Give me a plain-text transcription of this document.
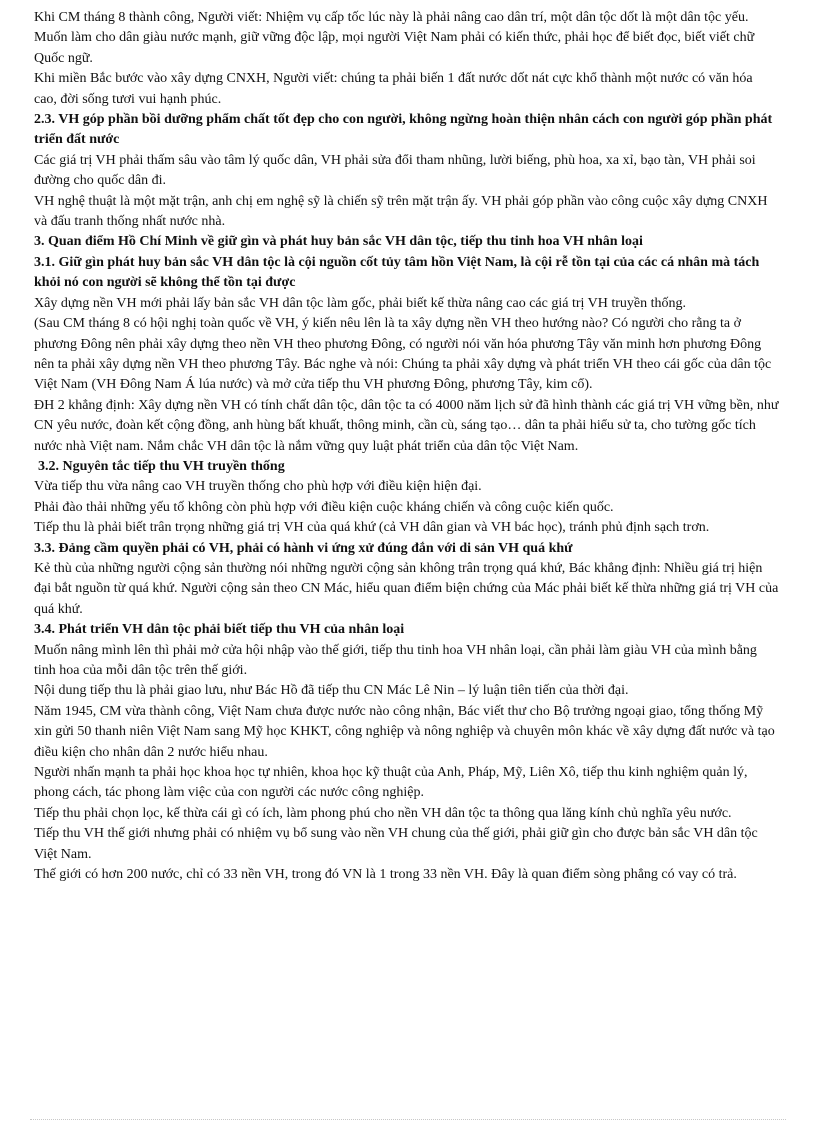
Khi CM tháng 8 thành công, Người viết: Nhiệm vụ cấp tốc lúc này là phải nâng cao dân trí, một dân tộc dốt là một dân tộc yếu.

Muốn làm cho dân giàu nước mạnh, giữ vững độc lập, mọi người Việt Nam phải có kiến thức, phải học để biết đọc, biết viết chữ Quốc ngữ.

Khi miền Bắc bước vào xây dựng CNXH, Người viết: chúng ta phải biến 1 đất nước dốt nát cực khổ thành một nước có văn hóa cao, đời sống tươi vui hạnh phúc.

2.3. VH góp phần bồi dưỡng phẩm chất tốt đẹp cho con người, không ngừng hoàn thiện nhân cách con người góp phần phát triển đất nước

Các giá trị VH phải thấm sâu vào tâm lý quốc dân, VH phải sửa đổi tham nhũng, lười biếng, phù hoa, xa xỉ, bạo tàn, VH phải soi đường cho quốc dân đi.

VH nghệ thuật là một mặt trận, anh chị em nghệ sỹ là chiến sỹ trên mặt trận ấy. VH phải góp phần vào công cuộc xây dựng CNXH và đấu tranh thống nhất nước nhà.

3. Quan điểm Hồ Chí Minh về giữ gìn và phát huy bản sắc VH dân tộc, tiếp thu tinh hoa VH nhân loại

3.1. Giữ gìn phát huy bản sắc VH dân tộc là cội nguồn cốt tủy tâm hồn Việt Nam, là cội rễ tồn tại của các cá nhân mà tách khỏi nó con người sẽ không thể tồn tại được

Xây dựng nền VH mới phải lấy bản sắc VH dân tộc làm gốc, phải biết kế thừa nâng cao các giá trị VH truyền thống.

(Sau CM tháng 8 có hội nghị toàn quốc về VH, ý kiến nêu lên là ta xây dựng nền VH theo hướng nào? Có người cho rằng ta ở phương Đông nên phải xây dựng theo nền VH theo phương Đông, có người nói văn hóa phương Tây văn minh hơn phương Đông nên ta phải xây dựng nền VH theo phương Tây. Bác nghe và nói: Chúng ta phải xây dựng và phát triển VH theo cái gốc của dân tộc Việt Nam (VH Đông Nam Á lúa nước) và mở cửa tiếp thu VH phương Đông, phương Tây, kim cổ).

ĐH 2 khẳng định: Xây dựng nền VH có tính chất dân tộc, dân tộc ta có 4000 năm lịch sử đã hình thành các giá trị VH vững bền, như CN yêu nước, đoàn kết cộng đồng, anh hùng bất khuất, thông minh, cần cù, sáng tạo… dân ta phải hiểu sử ta, cho tường gốc tích nước nhà Việt nam. Nắm chắc VH dân tộc là nắm vững quy luật phát triển của dân tộc Việt Nam.

3.2. Nguyên tắc tiếp thu VH truyền thống

Vừa tiếp thu vừa nâng cao VH truyền thống cho phù hợp với điều kiện hiện đại.

Phải đào thải những yếu tố không còn phù hợp với điều kiện cuộc kháng chiến và công cuộc kiến quốc.

Tiếp thu là phải biết trân trọng những giá trị VH của quá khứ (cả VH dân gian và VH bác học), tránh phủ định sạch trơn.

3.3. Đảng cầm quyền phải có VH, phải có hành vi ứng xử đúng đắn với di sản VH quá khứ

Kẻ thù của những người cộng sản thường nói những người cộng sản không trân trọng quá khứ, Bác khẳng định: Nhiều giá trị hiện đại bắt nguồn từ quá khứ. Người cộng sản theo CN Mác, hiểu quan điểm biện chứng của Mác phải biết kế thừa những giá trị VH của quá khứ.

3.4. Phát triển VH dân tộc phải biết tiếp thu VH của nhân loại

Muốn nâng mình lên thì phải mở cửa hội nhập vào thế giới, tiếp thu tinh hoa VH nhân loại, cần phải làm giàu VH của mình bằng tinh hoa của mỗi dân tộc trên thế giới.

Nội dung tiếp thu là phải giao lưu, như Bác Hồ đã tiếp thu CN Mác Lê Nin – lý luận tiên tiến của thời đại.

Năm 1945, CM vừa thành công, Việt Nam chưa được nước nào công nhận, Bác viết thư cho Bộ trưởng ngoại giao, tổng thống Mỹ xin gửi 50 thanh niên Việt Nam sang Mỹ học KHKT, công nghiệp và nông nghiệp và chuyên môn khác về xây dựng đất nước và tạo điều kiện cho nhân dân 2 nước hiểu nhau.

Người nhấn mạnh ta phải học khoa học tự nhiên, khoa học kỹ thuật của Anh, Pháp, Mỹ, Liên Xô, tiếp thu kinh nghiệm quản lý, phong cách, tác phong làm việc của con người các nước công nghiệp.

Tiếp thu phải chọn lọc, kế thừa cái gì có ích, làm phong phú cho nền VH dân tộc ta thông qua lăng kính chủ nghĩa yêu nước.

Tiếp thu VH thế giới nhưng phải có nhiệm vụ bổ sung vào nền VH chung của thế giới, phải giữ gìn cho được bản sắc VH dân tộc Việt Nam.

Thế giới có hơn 200 nước, chỉ có 33 nền VH, trong đó VN là 1 trong 33 nền VH. Đây là quan điểm sòng phẳng có vay có trả.
